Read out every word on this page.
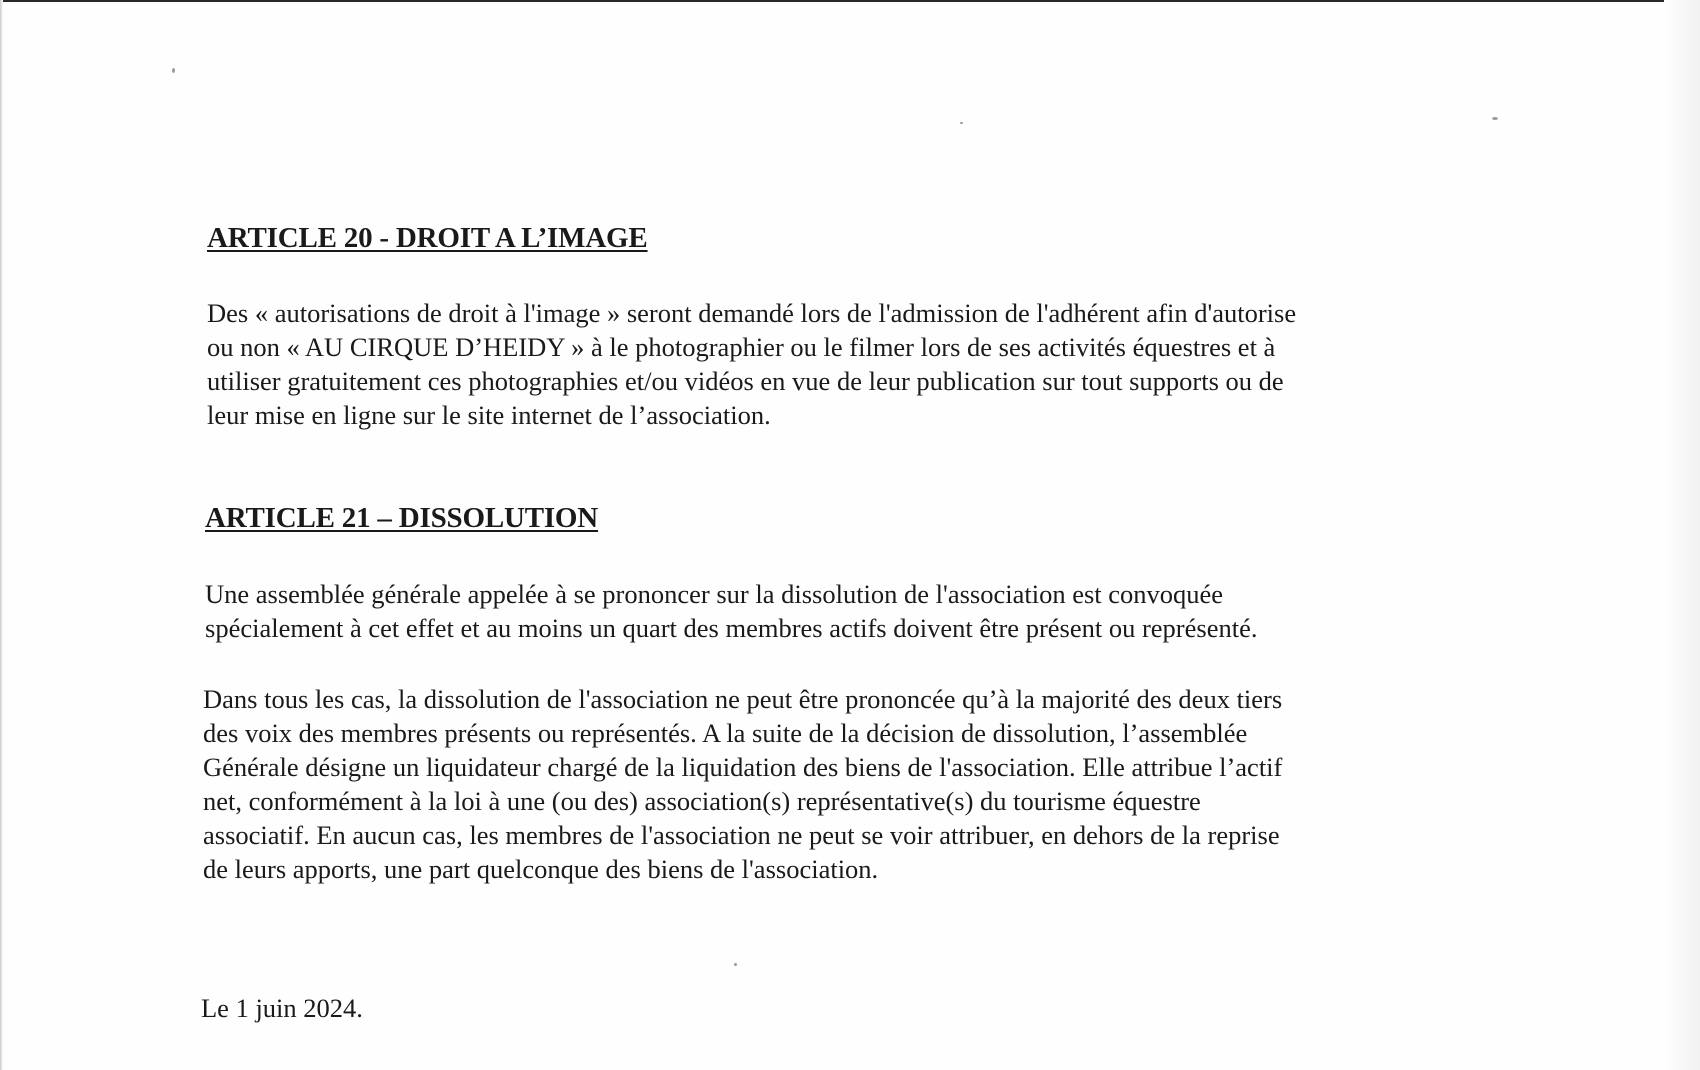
ARTICLE 20 - DROIT A L’IMAGE

Des « autorisations de droit à l'image » seront demandé lors de l'admission de l'adhérent afin d'autorise
ou non « AU CIRQUE D’HEIDY » à le photographier ou le filmer lors de ses activités équestres et à
utiliser gratuitement ces photographies et/ou vidéos en vue de leur publication sur tout supports ou de
leur mise en ligne sur le site internet de l’association.

ARTICLE 21 – DISSOLUTION

Une assemblée générale appelée à se prononcer sur la dissolution de l'association est convoquée
spécialement à cet effet et au moins un quart des membres actifs doivent être présent ou représenté.

Dans tous les cas, la dissolution de l'association ne peut être prononcée qu’à la majorité des deux tiers
des voix des membres présents ou représentés. A la suite de la décision de dissolution, l’assemblée
Générale désigne un liquidateur chargé de la liquidation des biens de l'association. Elle attribue l’actif
net, conformément à la loi à une (ou des) association(s) représentative(s) du tourisme équestre
associatif. En aucun cas, les membres de l'association ne peut se voir attribuer, en dehors de la reprise
de leurs apports, une part quelconque des biens de l'association.

Le 1 juin 2024.
